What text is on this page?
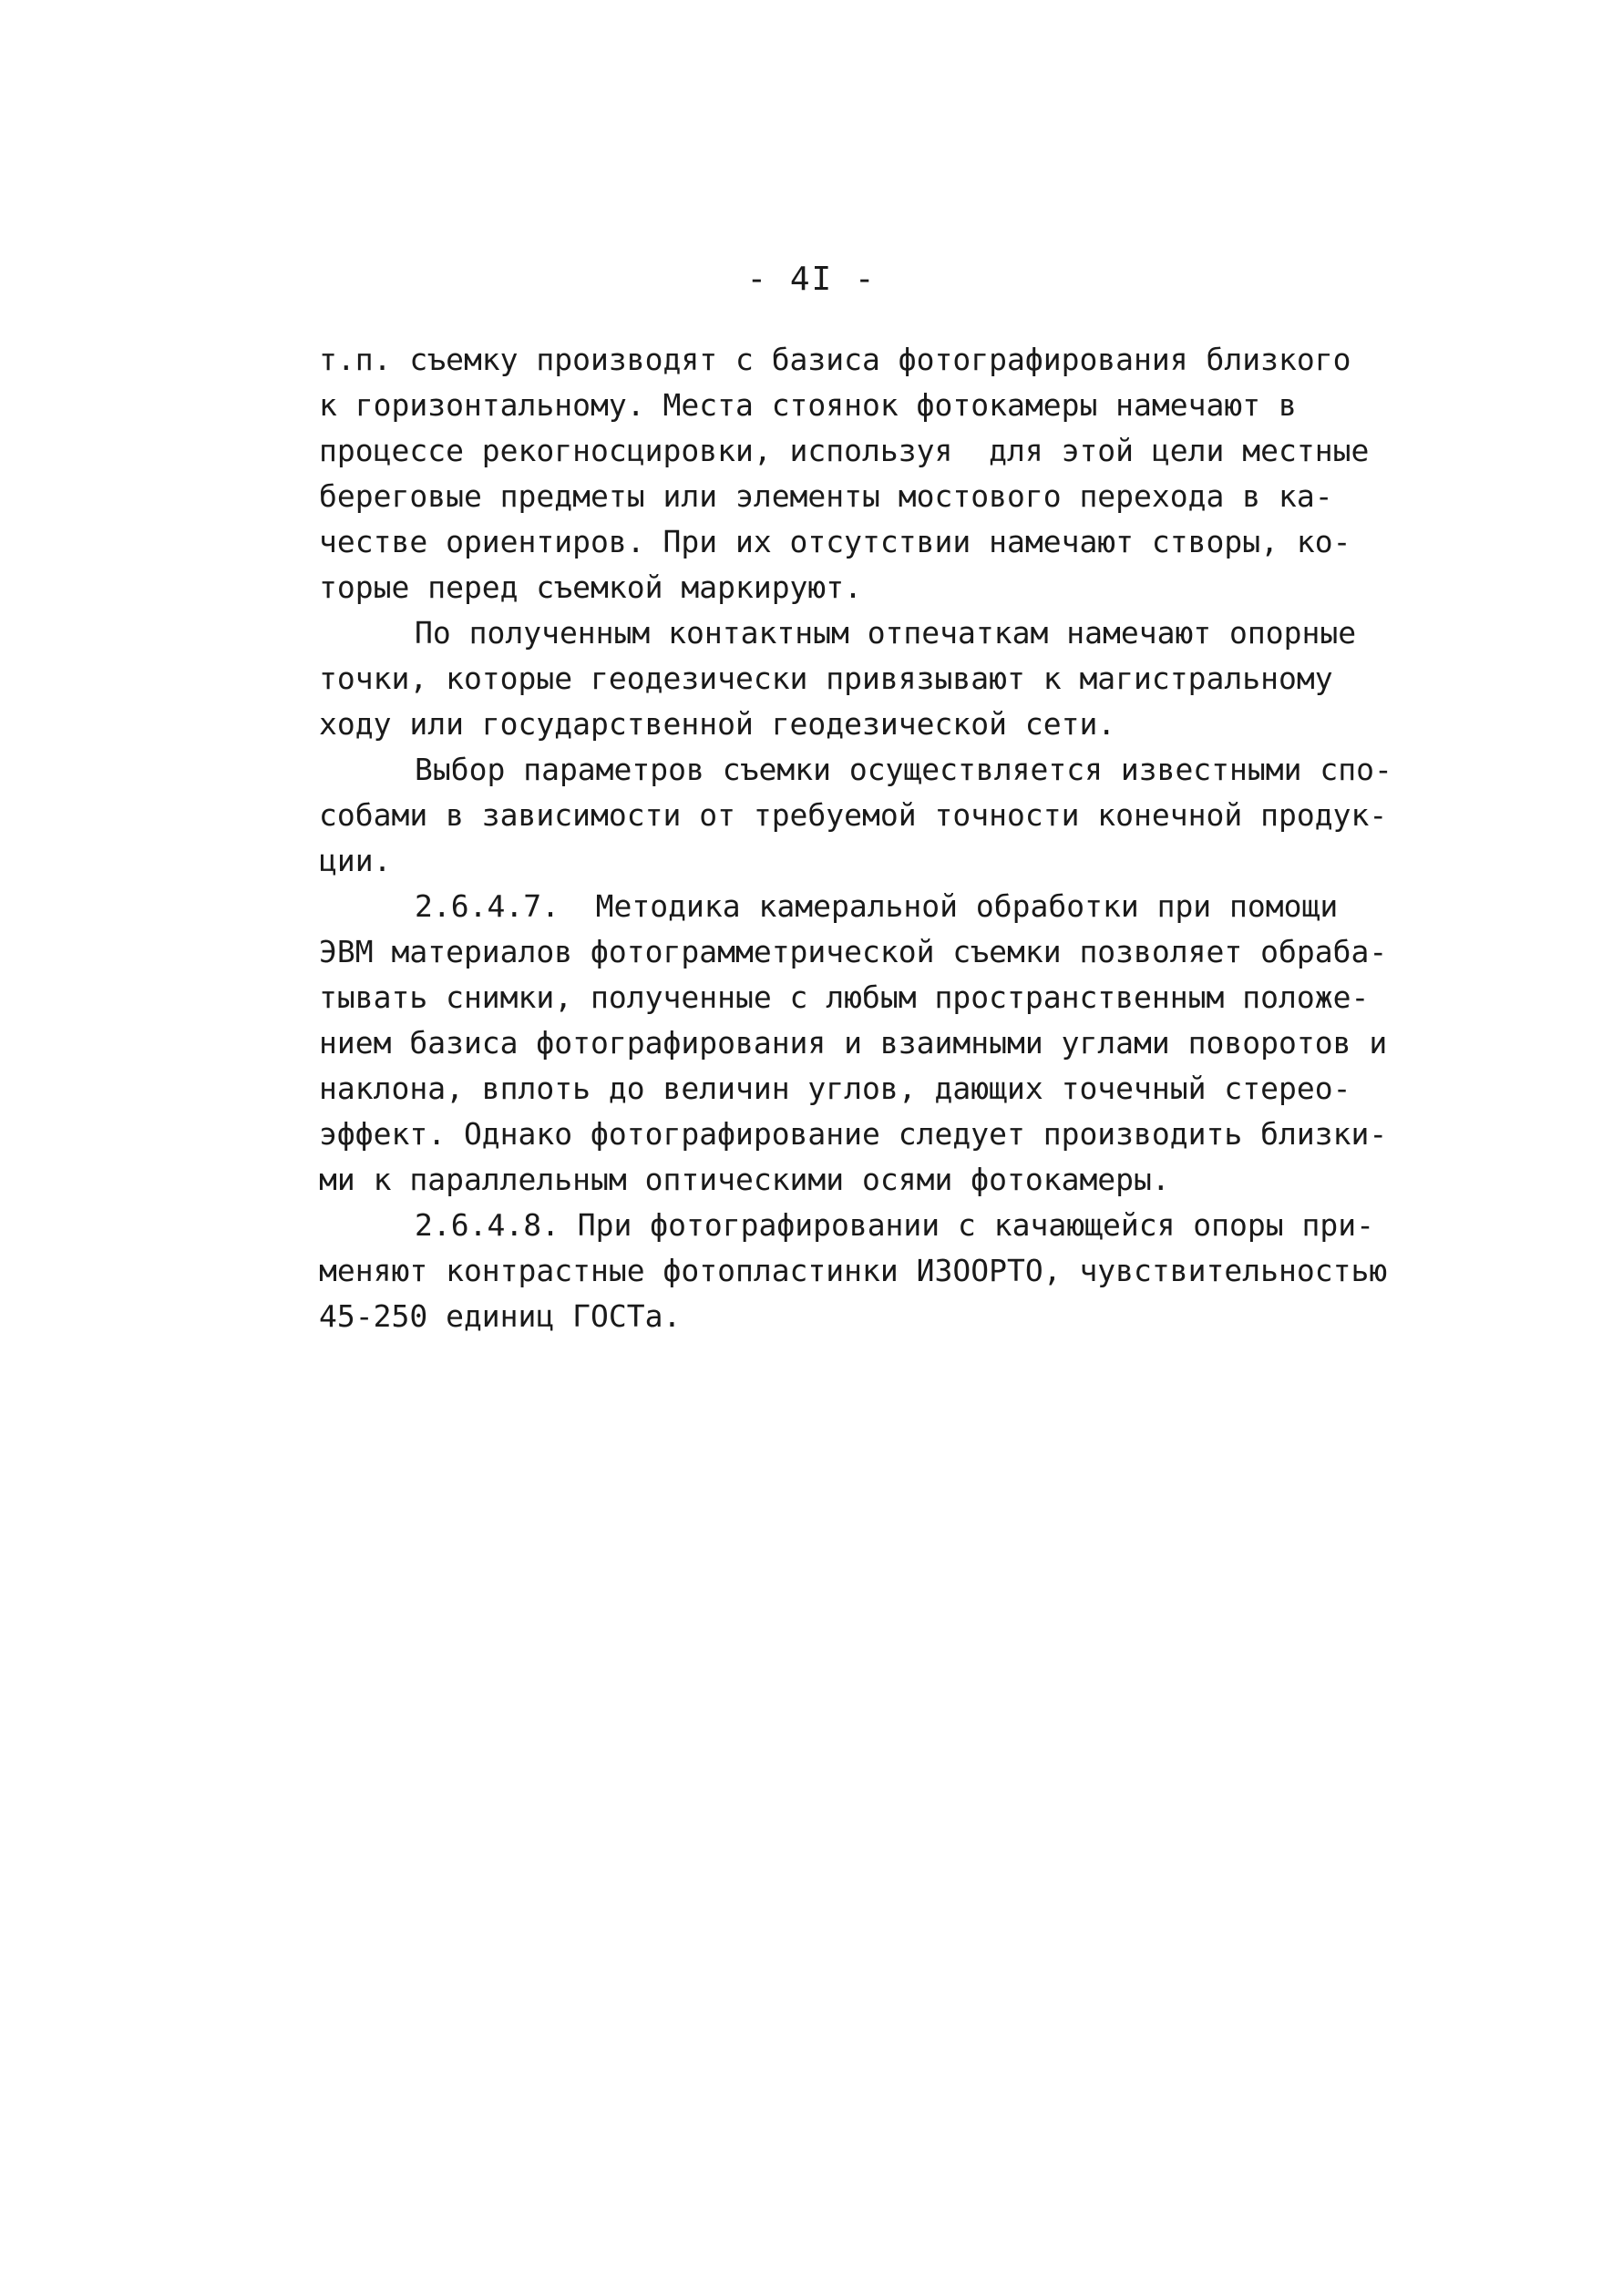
- 4I -
т.п. съемку производят с базиса фотографирования близкого
к горизонтальному. Места стоянок фотокамеры намечают в
процессе рекогносцировки, используя  для этой цели местные
береговые предметы или элементы мостового перехода в ка-
честве ориентиров. При их отсутствии намечают створы, ко-
торые перед съемкой маркируют.
По полученным контактным отпечаткам намечают опорные
точки, которые геодезически привязывают к магистральному
ходу или государственной геодезической сети.
Выбор параметров съемки осуществляется известными спо-
собами в зависимости от требуемой точности конечной продук-
ции.
2.6.4.7.  Методика камеральной обработки при помощи
ЭВМ материалов фотограмметрической съемки позволяет обраба-
тывать снимки, полученные с любым пространственным положе-
нием базиса фотографирования и взаимными углами поворотов и
наклона, вплоть до величин углов, дающих точечный стерео-
эффект. Однако фотографирование следует производить близки-
ми к параллельным оптическими осями фотокамеры.
2.6.4.8. При фотографировании с качающейся опоры при-
меняют контрастные фотопластинки ИЗООРТО, чувствительностью
45-250 единиц ГОСТа.
